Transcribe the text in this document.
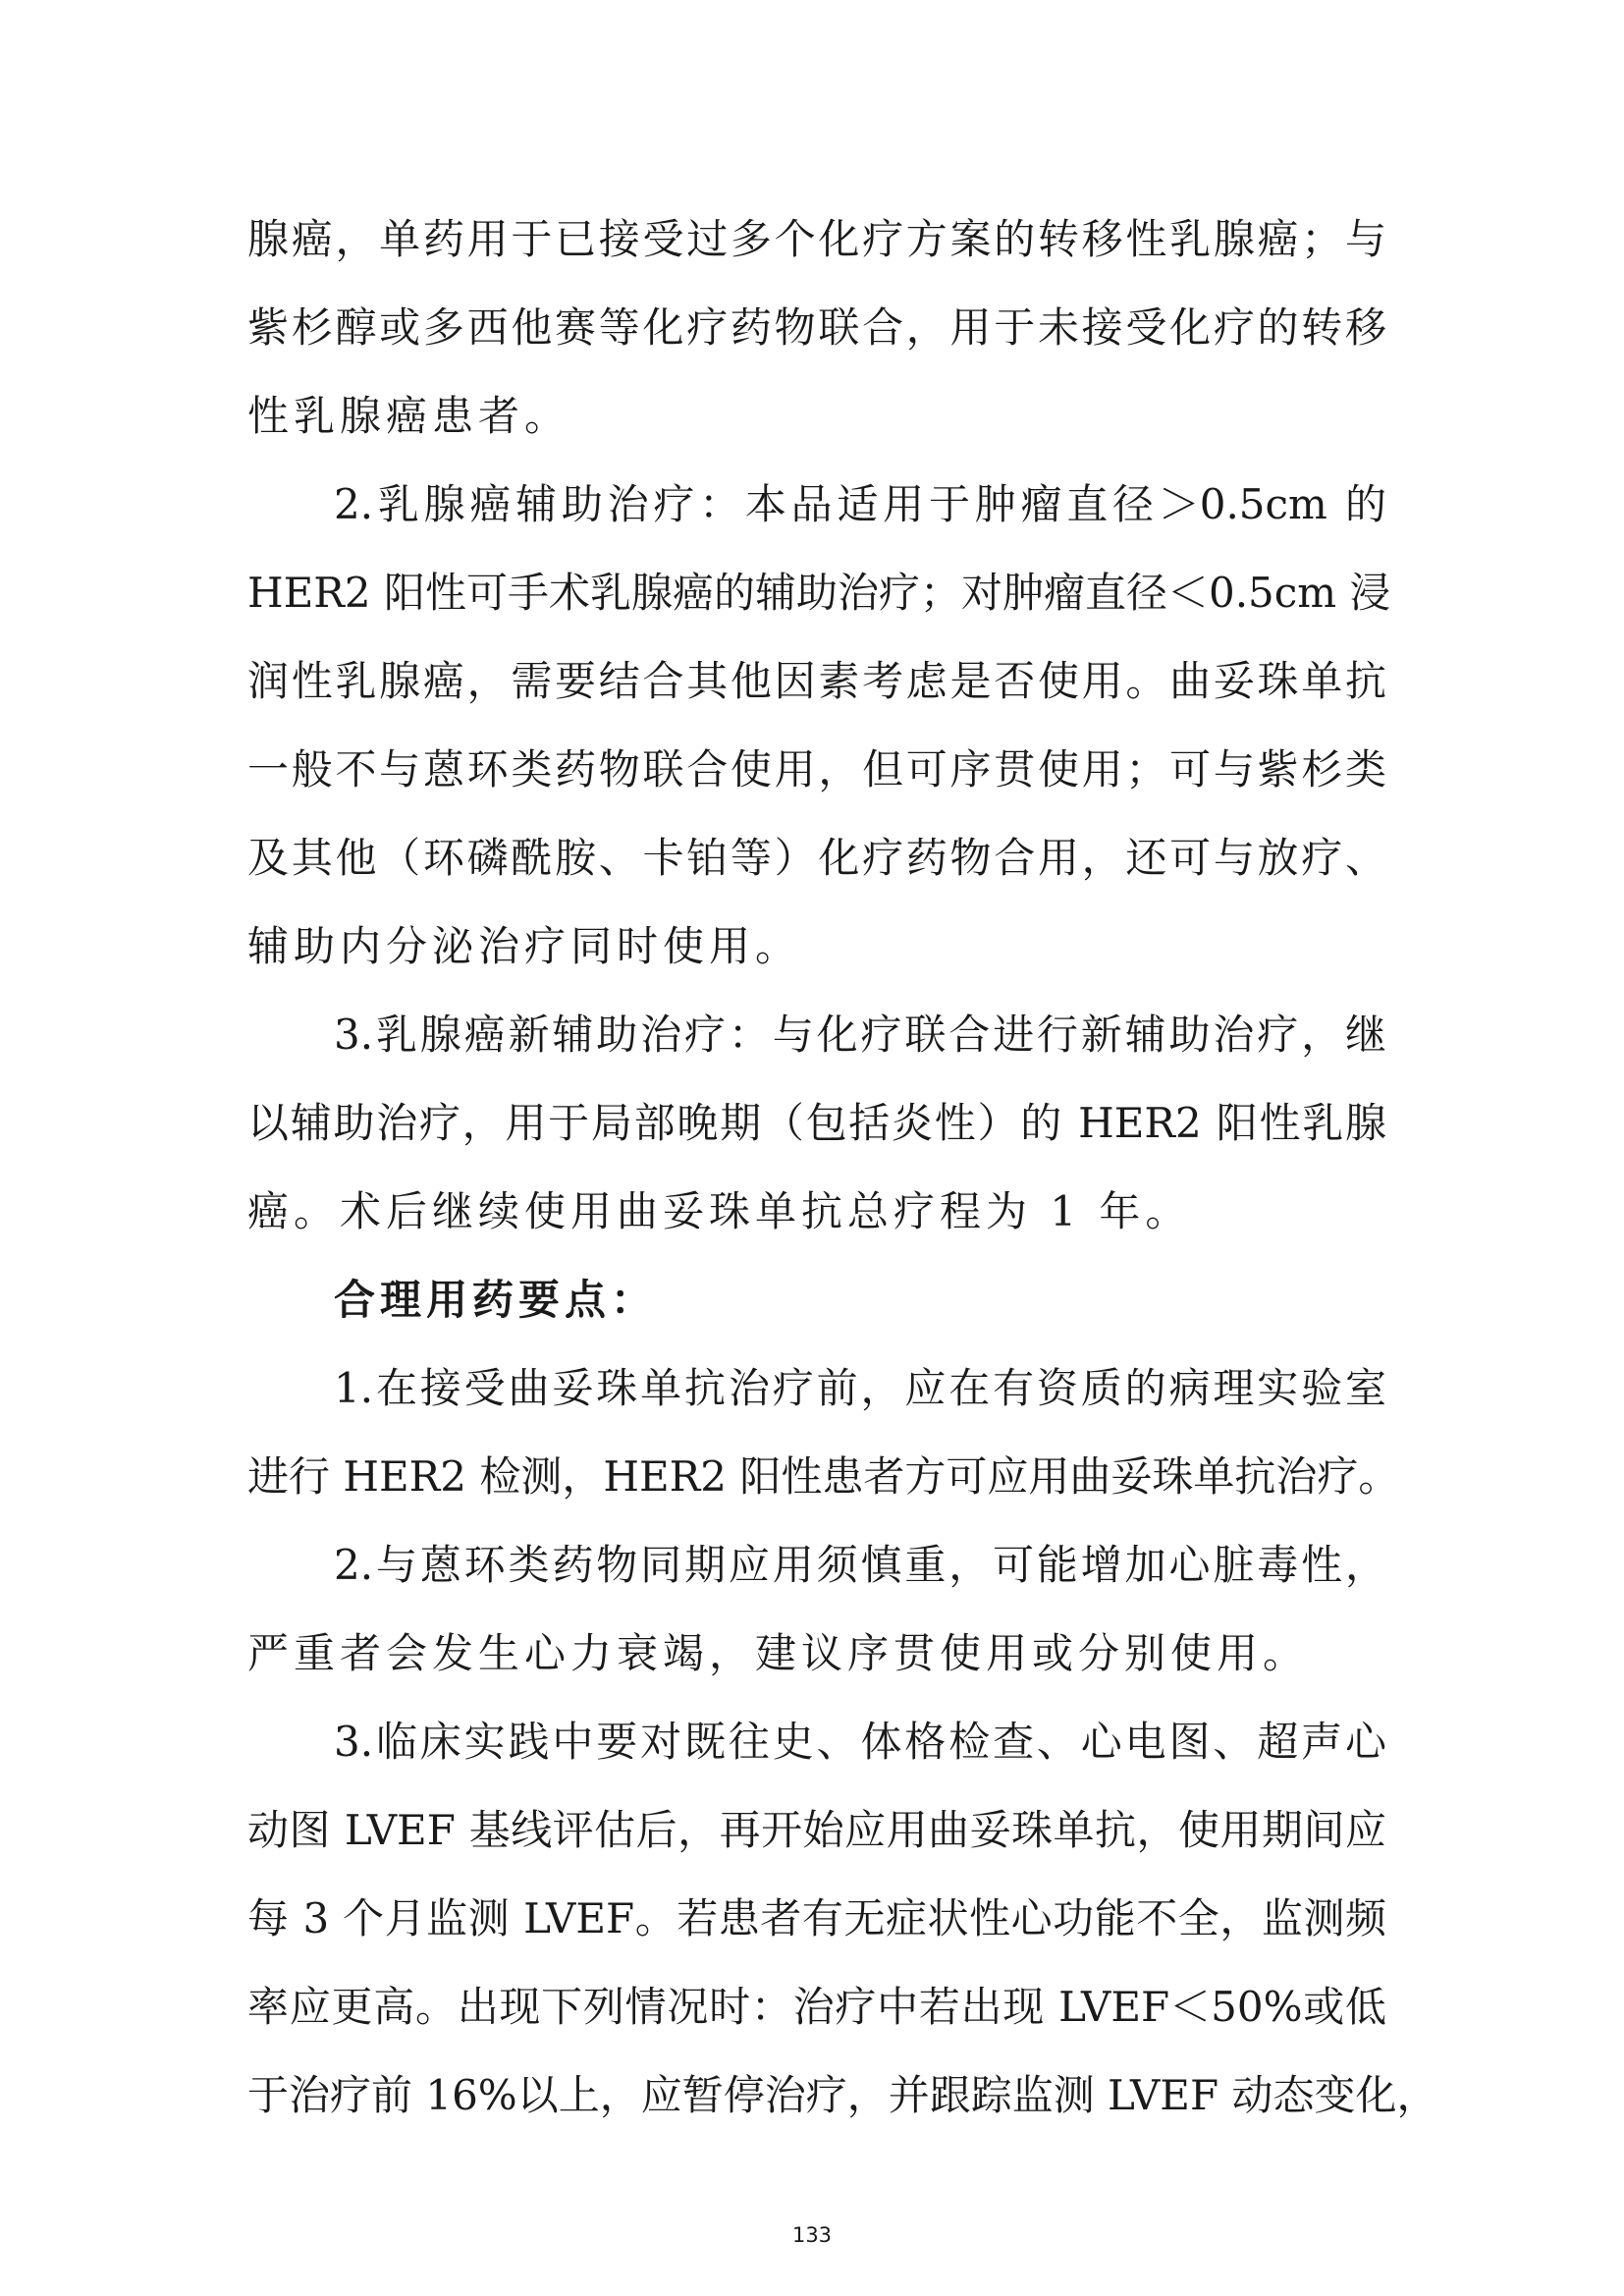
腺癌，单药用于已接受过多个化疗方案的转移性乳腺癌；与
紫杉醇或多西他赛等化疗药物联合，用于未接受化疗的转移
性乳腺癌患者。
2.乳腺癌辅助治疗：本品适用于肿瘤直径＞0.5cm 的
HER2 阳性可手术乳腺癌的辅助治疗；对肿瘤直径＜0.5cm 浸
润性乳腺癌，需要结合其他因素考虑是否使用。曲妥珠单抗
一般不与蒽环类药物联合使用，但可序贯使用；可与紫杉类
及其他（环磷酰胺、卡铂等）化疗药物合用，还可与放疗、
辅助内分泌治疗同时使用。
3.乳腺癌新辅助治疗：与化疗联合进行新辅助治疗，继
以辅助治疗，用于局部晚期（包括炎性）的 HER2 阳性乳腺
癌。术后继续使用曲妥珠单抗总疗程为 1 年。
合理用药要点：
1.在接受曲妥珠单抗治疗前，应在有资质的病理实验室
进行 HER2 检测，HER2 阳性患者方可应用曲妥珠单抗治疗。
2.与蒽环类药物同期应用须慎重，可能增加心脏毒性，
严重者会发生心力衰竭，建议序贯使用或分别使用。
3.临床实践中要对既往史、体格检查、心电图、超声心
动图 LVEF 基线评估后，再开始应用曲妥珠单抗，使用期间应
每 3 个月监测 LVEF。若患者有无症状性心功能不全，监测频
率应更高。出现下列情况时：治疗中若出现 LVEF＜50%或低
于治疗前 16%以上，应暂停治疗，并跟踪监测 LVEF 动态变化，
133
